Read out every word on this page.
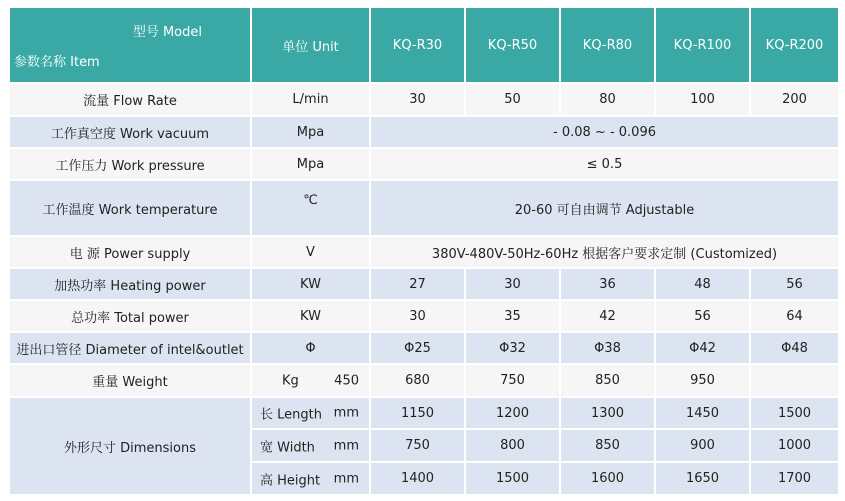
型号 Model
参数名称 Item	单位 Unit	KQ-R30	KQ-R50	KQ-R80	KQ-R100	KQ-R200
流量 Flow Rate	L/min	30	50	80	100	200
工作真空度 Work vacuum	Mpa	- 0.08 ~ - 0.096				
工作压力 Work pressure	Mpa	≤ 0.5				
工作温度 Work temperature	℃	20-60 可自由调节 Adjustable				
电 源 Power supply	V	380V-480V-50Hz-60Hz 根据客户要求定制 (Customized)				
加热功率 Heating power	KW	27	30	36	48	56
总功率 Total power	KW	30	35	42	56	64
进出口管径 Diameter of intel&outlet	Φ	Φ25	Φ32	Φ38	Φ42	Φ48
重量 Weight	Kg 450	680	750	850	950	
外形尺寸 Dimensions	长 Length mm	1150	1200	1300	1450	1500

	宽 Width mm	750	800	850	900	1000

	高 Height mm	1400	1500	1600	1650	1700
